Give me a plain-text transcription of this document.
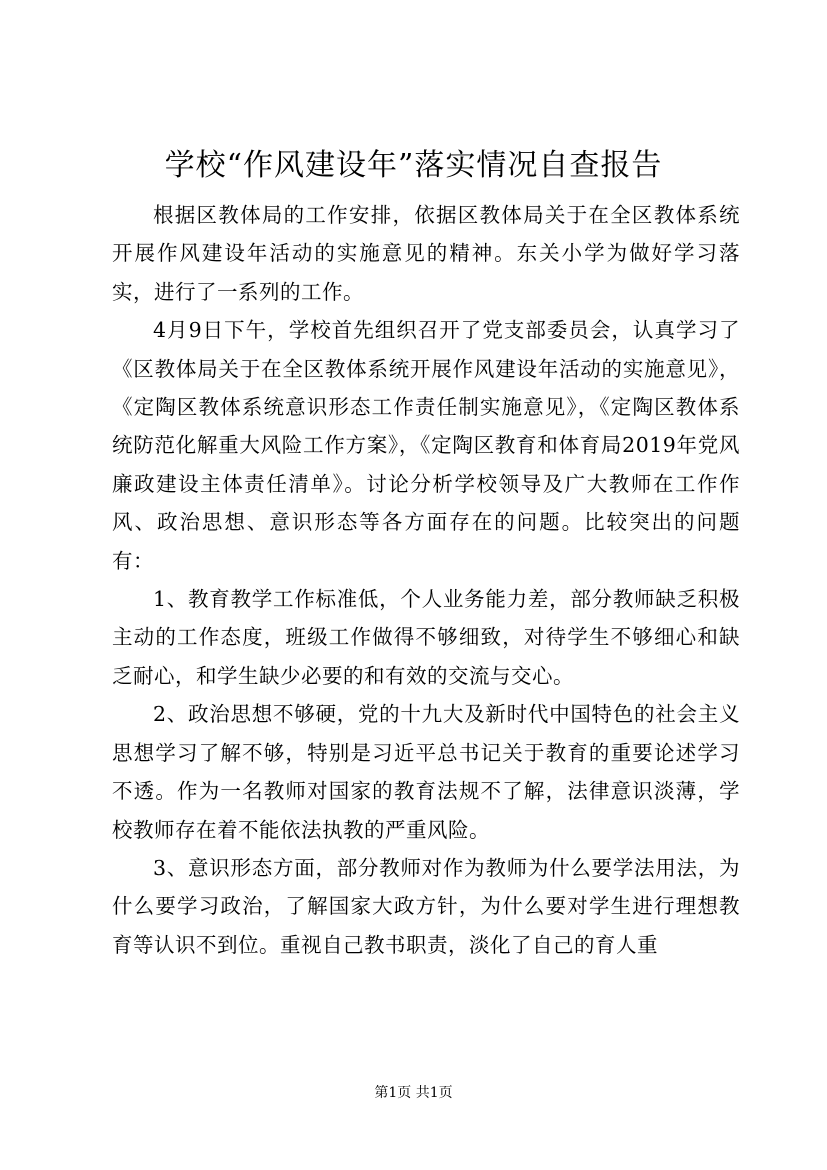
学校“作风建设年”落实情况自查报告

根据区教体局的工作安排，依据区教体局关于在全区教体系统开展作风建设年活动的实施意见的精神。东关小学为做好学习落实，进行了一系列的工作。

4月9日下午，学校首先组织召开了党支部委员会，认真学习了《区教体局关于在全区教体系统开展作风建设年活动的实施意见》，《定陶区教体系统意识形态工作责任制实施意见》，《定陶区教体系统防范化解重大风险工作方案》，《定陶区教育和体育局2019年党风廉政建设主体责任清单》。讨论分析学校领导及广大教师在工作作风、政治思想、意识形态等各方面存在的问题。比较突出的问题有：

1、教育教学工作标准低，个人业务能力差，部分教师缺乏积极主动的工作态度，班级工作做得不够细致，对待学生不够细心和缺乏耐心，和学生缺少必要的和有效的交流与交心。

2、政治思想不够硬，党的十九大及新时代中国特色的社会主义思想学习了解不够，特别是习近平总书记关于教育的重要论述学习不透。作为一名教师对国家的教育法规不了解，法律意识淡薄，学校教师存在着不能依法执教的严重风险。

3、意识形态方面，部分教师对作为教师为什么要学法用法，为什么要学习政治，了解国家大政方针，为什么要对学生进行理想教育等认识不到位。重视自己教书职责，淡化了自己的育人重

第1页 共1页
